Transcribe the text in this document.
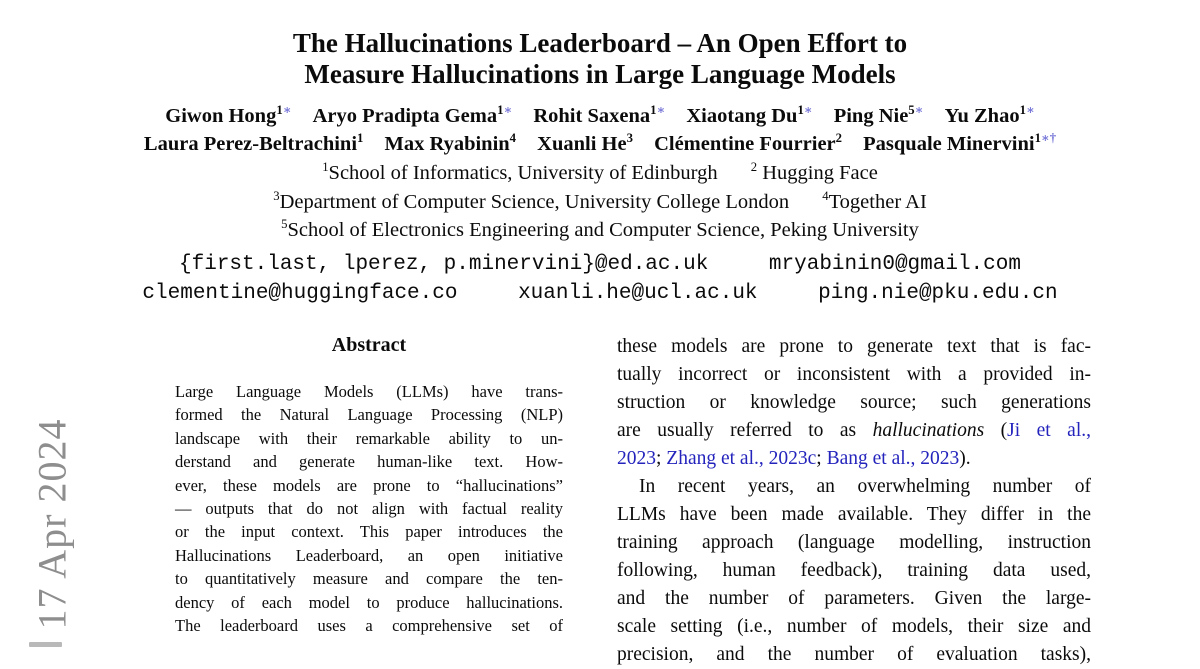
17 Apr 2024
The Hallucinations Leaderboard – An Open Effort to
Measure Hallucinations in Large Language Models
Giwon Hong$^{1∗}$ Aryo Pradipta Gema$^{1∗}$ Rohit Saxena$^{1∗}$ Xiaotang $Du^{1∗}$ Ping Nie$^{5∗}$ Yu Zhao$^{1∗}$
Laura Perez-Beltrachini$^1$ Max Ryabinin$^4$ Xuanli He$^3$ Clémentine Fourrier$^2$ Pasquale Minervini$^{1∗\dagger}$
$^1$School of Informatics, University of Edinburgh	$^2$ Hugging Face
$^3$Department of Computer Science, University College London	$^4$Together AI
$^5$School of Electronics Engineering and Computer Science, Peking University
{first.last, lperez, p.minervini}@ed.ac.uk	mryabinin0@gmail.com
clementine@huggingface.co	xuanli.he@ucl.ac.uk	ping.nie@pku.edu.cn
Abstract
Large Language Models (LLMs) have trans-
formed the Natural Language Processing (NLP)
landscape with their remarkable ability to un-
derstand and generate human-like text. How-
ever, these models are prone to “hallucinations”
— outputs that do not align with factual reality
or the input context. This paper introduces the
Hallucinations Leaderboard, an open initiative
to quantitatively measure and compare the ten-
dency of each model to produce hallucinations.
The leaderboard uses a comprehensive set of
these models are prone to generate text that is fac-
tually incorrect or inconsistent with a provided in-
struction or knowledge source; such generations
are usually referred to as hallucinations (Ji et al.,
2023; Zhang et al., 2023c; Bang et al., 2023).
In recent years, an overwhelming number of
LLMs have been made available. They differ in the
training approach (language modelling, instruction
following, human feedback), training data used,
and the number of parameters. Given the large-
scale setting (i.e., number of models, their size and
precision, and the number of evaluation tasks),
